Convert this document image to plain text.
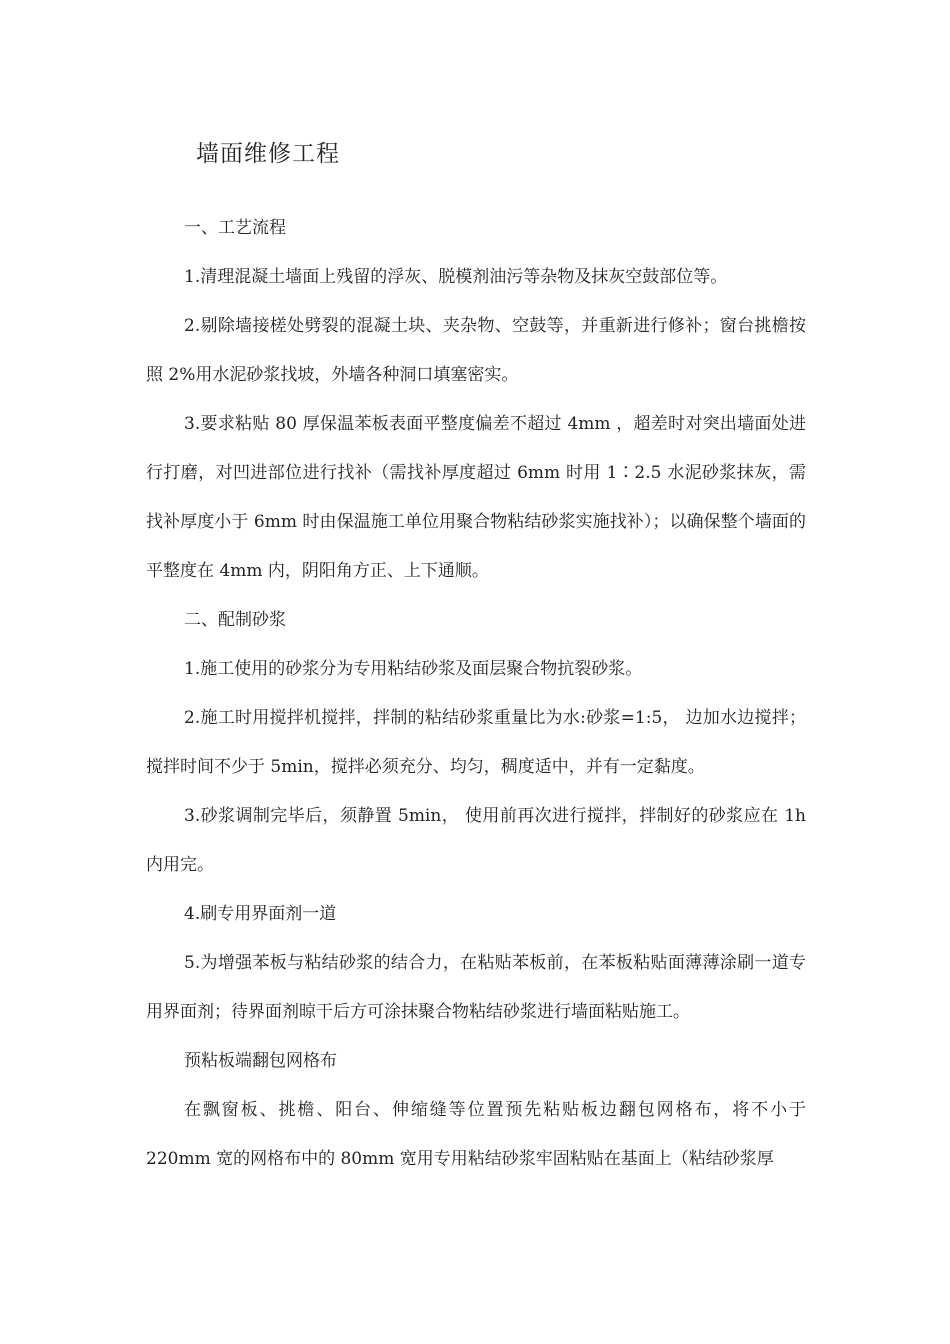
墙面维修工程

一、工艺流程

1.清理混凝土墙面上残留的浮灰、脱模剂油污等杂物及抹灰空鼓部位等。

2.剔除墙接槎处劈裂的混凝土块、夹杂物、空鼓等，并重新进行修补；窗台挑檐按照 2%用水泥砂浆找坡，外墙各种洞口填塞密实。

3.要求粘贴 80 厚保温苯板表面平整度偏差不超过 4mm ，超差时对突出墙面处进行打磨，对凹进部位进行找补（需找补厚度超过 6mm 时用 1∶2.5 水泥砂浆抹灰，需找补厚度小于 6mm 时由保温施工单位用聚合物粘结砂浆实施找补）；以确保整个墙面的平整度在 4mm 内，阴阳角方正、上下通顺。

二、配制砂浆

1.施工使用的砂浆分为专用粘结砂浆及面层聚合物抗裂砂浆。

2.施工时用搅拌机搅拌，拌制的粘结砂浆重量比为水:砂浆=1:5， 边加水边搅拌；搅拌时间不少于 5min，搅拌必须充分、均匀，稠度适中，并有一定黏度。

3.砂浆调制完毕后，须静置 5min， 使用前再次进行搅拌，拌制好的砂浆应在 1h 内用完。

4.刷专用界面剂一道

5.为增强苯板与粘结砂浆的结合力，在粘贴苯板前，在苯板粘贴面薄薄涂刷一道专用界面剂；待界面剂晾干后方可涂抹聚合物粘结砂浆进行墙面粘贴施工。

预粘板端翻包网格布

在飘窗板、挑檐、阳台、伸缩缝等位置预先粘贴板边翻包网格布，将不小于 220mm 宽的网格布中的 80mm 宽用专用粘结砂浆牢固粘贴在基面上（粘结砂浆厚
